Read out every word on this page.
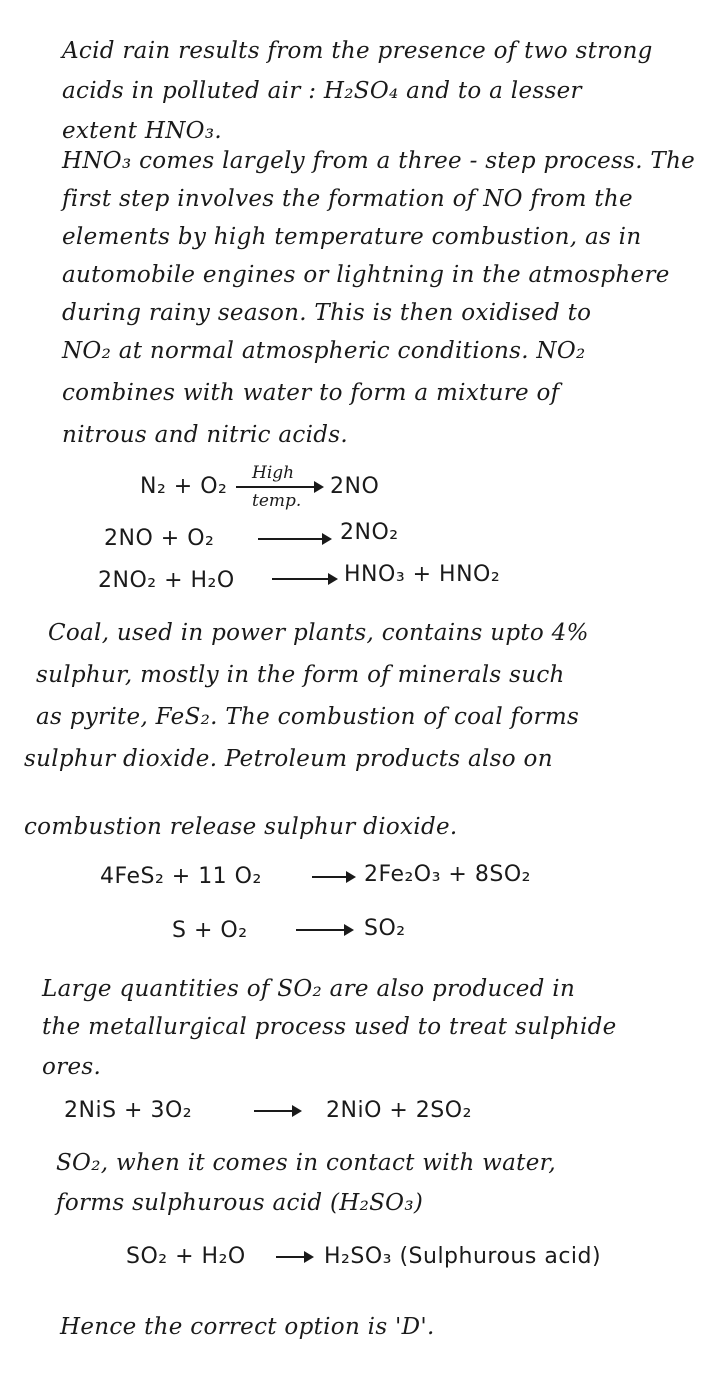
Acid rain results from the presence of two strong
acids in polluted air : H₂SO₄ and to a lesser
extent HNO₃.
HNO₃ comes largely from a three - step process. The
first step involves the formation of NO from the
elements by high temperature combustion, as in
automobile engines or lightning in the atmosphere
during rainy season. This is then oxidised to
NO₂ at normal atmospheric conditions. NO₂
combines with water to form a mixture of
nitrous and nitric acids.
N₂ + O₂
High
temp.
2NO
2NO + O₂	2NO₂
2NO₂ + H₂O → HNO₃ + HNO₂
Coal, used in power plants, contains upto 4%
sulphur, mostly in the form of minerals such
as pyrite, FeS₂. The combustion of coal forms
sulphur dioxide. Petroleum products also on
combustion release sulphur dioxide.
4FeS₂ + 11 O₂	→ 2Fe₂O₃ + 8SO₂
S + O₂	→ SO₂
Large quantities of SO₂ are also produced in
the metallurgical process used to treat sulphide
ores.
2NiS + 3O₂	2NiO + 2SO₂
SO₂, when it comes in contact with water,
forms sulphurous acid (H₂SO₃)
SO₂ + H₂O → H₂SO₃ (Sulphurous acid)
Hence the correct option is 'D'.
